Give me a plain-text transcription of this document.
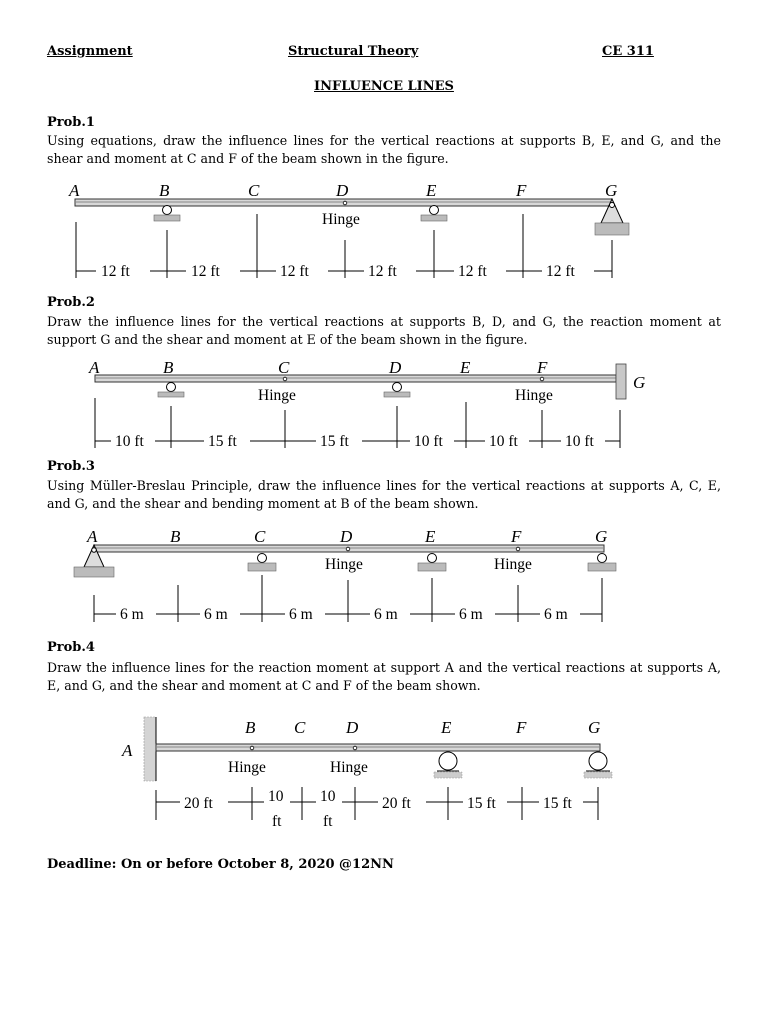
Assignment	Structural Theory	CE 311
INFLUENCE LINES
Prob.1
Using equations, draw the influence lines for the vertical reactions at supports B, E, and G, and the shear and moment at C and F of the beam shown in the figure.
A	B	C	D	E	F	G
Hinge
12 ft	12 ft	12 ft	12 ft	12 ft	12 ft
Prob.2
Draw the influence lines for the vertical reactions at supports B, D, and G, the reaction moment at support G and the shear and moment at E of the beam shown in the figure.
A	B	C	D	E	F
G
Hinge	Hinge
10 ft	15 ft	15 ft	10 ft	10 ft	10 ft
Prob.3
Using Müller-Breslau Principle, draw the influence lines for the vertical reactions at supports A, C, E, and G, and the shear and bending moment at B of the beam shown.
A	B	C	D	E	F	G
Hinge	Hinge
6 m	6 m	6 m	6 m	6 m	6 m
Prob.4
Draw the influence lines for the reaction moment at support A and the vertical reactions at supports A, E, and G, and the shear and moment at C and F of the beam shown.
A
B C D	E	F	G
Hinge	Hinge
20 ft	10
ft
10
ft
20 ft	15 ft	15 ft
Deadline: On or before October 8, 2020 @12NN
